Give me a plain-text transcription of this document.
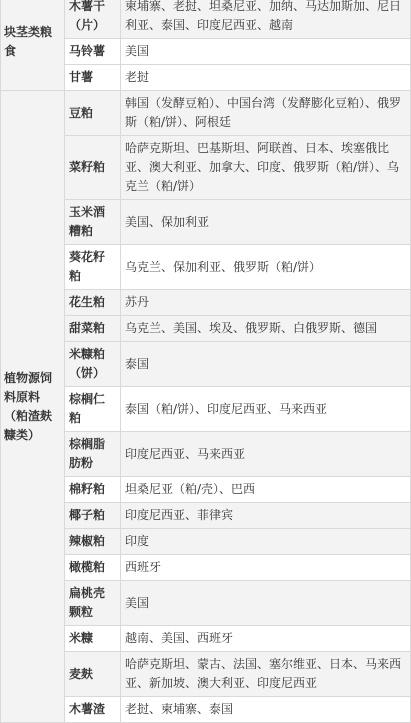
块茎类粮食	木薯干（片）	柬埔寨、老挝、坦桑尼亚、加纳、马达加斯加、尼日利亚、泰国、印度尼西亚、越南
	马铃薯	美国
	甘薯	老挝
植物源饲料原料（粕渣麸糠类）	豆粕	韩国（发酵豆粕）、中国台湾（发酵膨化豆粕）、俄罗斯（粕/饼）、阿根廷
	菜籽粕	哈萨克斯坦、巴基斯坦、阿联酋、日本、埃塞俄比亚、澳大利亚、加拿大、印度、俄罗斯（粕/饼）、乌克兰（粕/饼）
	玉米酒糟粕	美国、保加利亚
	葵花籽粕	乌克兰、保加利亚、俄罗斯（粕/饼）
	花生粕	苏丹
	甜菜粕	乌克兰、美国、埃及、俄罗斯、白俄罗斯、德国
	米糠粕（饼）	泰国
	棕榈仁粕	泰国（粕/饼）、印度尼西亚、马来西亚
	棕榈脂肪粉	印度尼西亚、马来西亚
	棉籽粕	坦桑尼亚（粕/壳）、巴西
	椰子粕	印度尼西亚、菲律宾
	辣椒粕	印度
	橄榄粕	西班牙
	扁桃壳颗粒	美国
	米糠	越南、美国、西班牙
	麦麸	哈萨克斯坦、蒙古、法国、塞尔维亚、日本、马来西亚、新加坡、澳大利亚、印度尼西亚
	木薯渣	老挝、柬埔寨、泰国
